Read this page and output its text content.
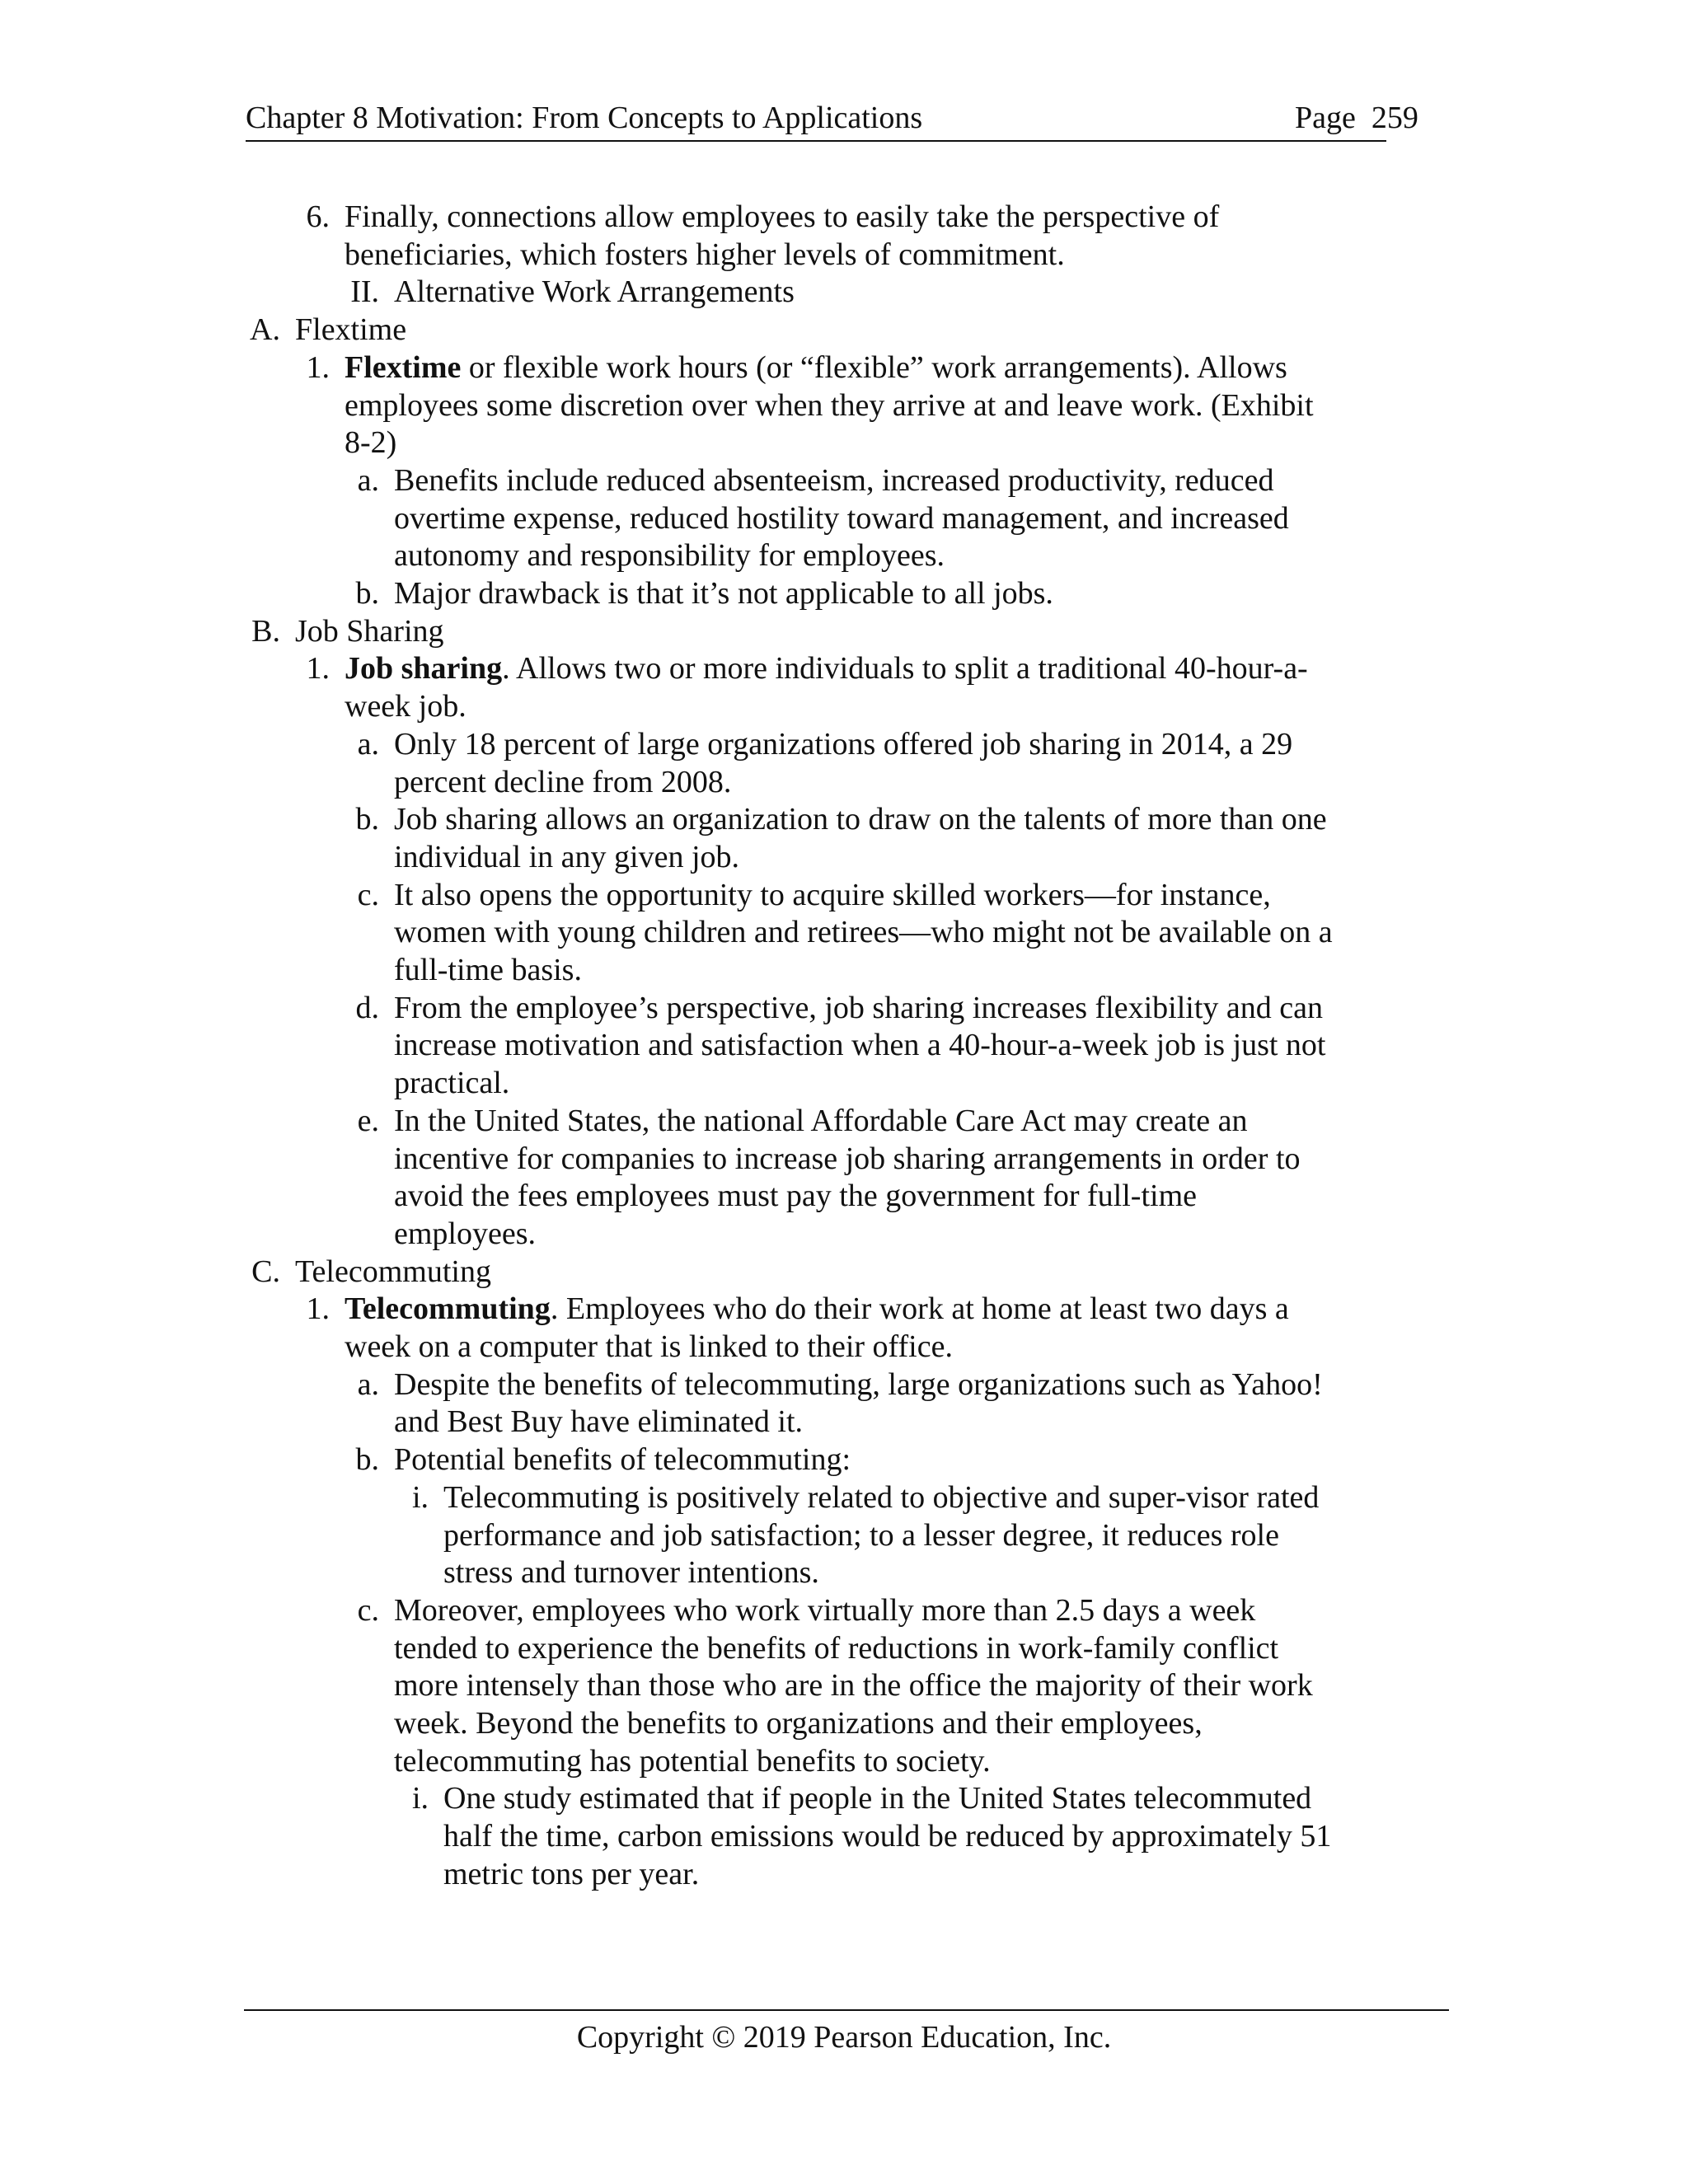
Chapter 8 Motivation: From Concepts to Applications	Page 259
6. Finally, connections allow employees to easily take the perspective of
beneficiaries, which fosters higher levels of commitment.
II. Alternative Work Arrangements
A. Flextime
1. Flextime or flexible work hours (or “flexible” work arrangements). Allows
employees some discretion over when they arrive at and leave work. (Exhibit
8-2)
a. Benefits include reduced absenteeism, increased productivity, reduced
overtime expense, reduced hostility toward management, and increased
autonomy and responsibility for employees.
b. Major drawback is that it’s not applicable to all jobs.
B. Job Sharing
1. Job sharing. Allows two or more individuals to split a traditional 40-hour-a-
week job.
a. Only 18 percent of large organizations offered job sharing in 2014, a 29
percent decline from 2008.
b. Job sharing allows an organization to draw on the talents of more than one
individual in any given job.
c. It also opens the opportunity to acquire skilled workers—for instance,
women with young children and retirees—who might not be available on a
full-time basis.
d. From the employee’s perspective, job sharing increases flexibility and can
increase motivation and satisfaction when a 40-hour-a-week job is just not
practical.
e. In the United States, the national Affordable Care Act may create an
incentive for companies to increase job sharing arrangements in order to
avoid the fees employees must pay the government for full-time
employees.
C. Telecommuting
1. Telecommuting. Employees who do their work at home at least two days a
week on a computer that is linked to their office.
a. Despite the benefits of telecommuting, large organizations such as Yahoo!
and Best Buy have eliminated it.
b. Potential benefits of telecommuting:
i. Telecommuting is positively related to objective and super-visor rated
performance and job satisfaction; to a lesser degree, it reduces role
stress and turnover intentions.
c. Moreover, employees who work virtually more than 2.5 days a week
tended to experience the benefits of reductions in work-family conflict
more intensely than those who are in the office the majority of their work
week. Beyond the benefits to organizations and their employees,
telecommuting has potential benefits to society.
i. One study estimated that if people in the United States telecommuted
half the time, carbon emissions would be reduced by approximately 51
metric tons per year.
Copyright © 2019 Pearson Education, Inc.
